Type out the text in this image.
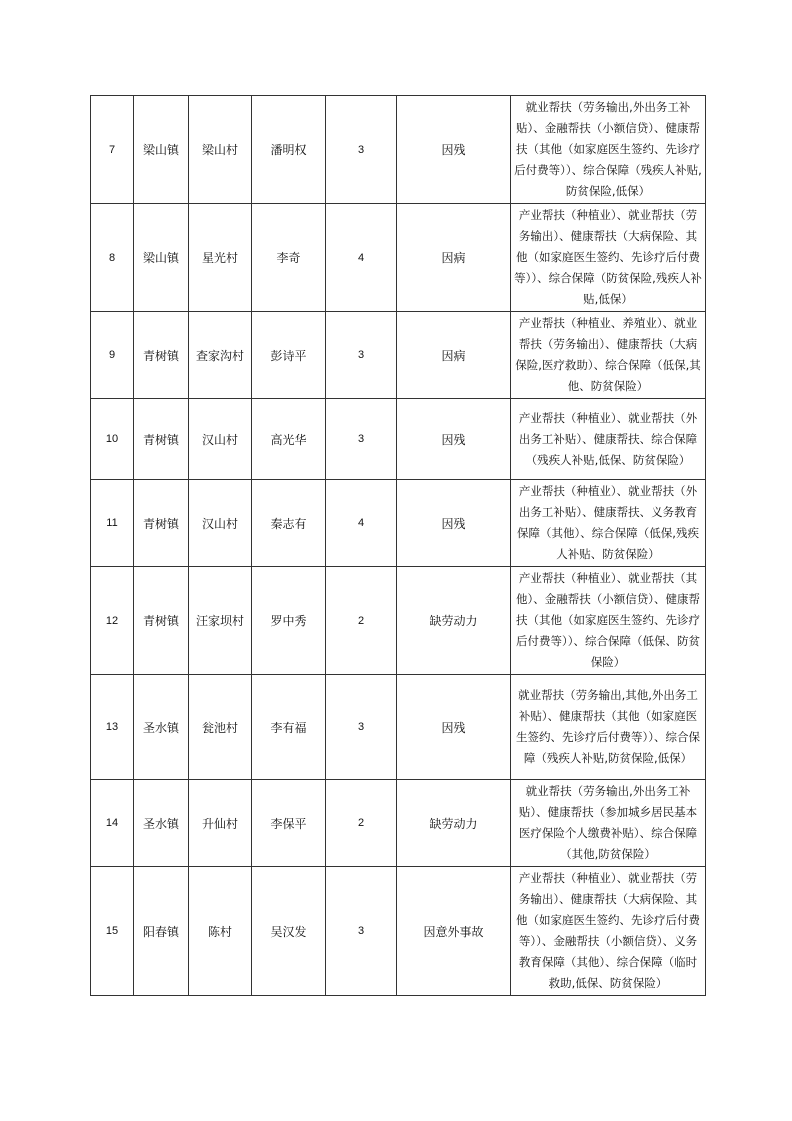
7	梁山镇	梁山村	潘明权	3	因残	就业帮扶（劳务输出,外出务工补贴）、金融帮扶（小额信贷）、健康帮扶（其他（如家庭医生签约、先诊疗后付费等））、综合保障（残疾人补贴,防贫保险,低保）
8	梁山镇	星光村	李奇	4	因病	产业帮扶（种植业）、就业帮扶（劳务输出）、健康帮扶（大病保险、其他（如家庭医生签约、先诊疗后付费等））、综合保障（防贫保险,残疾人补贴,低保）
9	青树镇	查家沟村	彭诗平	3	因病	产业帮扶（种植业、养殖业）、就业帮扶（劳务输出）、健康帮扶（大病保险,医疗救助）、综合保障（低保,其他、防贫保险）
10	青树镇	汉山村	高光华	3	因残	产业帮扶（种植业）、就业帮扶（外出务工补贴）、健康帮扶、综合保障（残疾人补贴,低保、防贫保险）
11	青树镇	汉山村	秦志有	4	因残	产业帮扶（种植业）、就业帮扶（外出务工补贴）、健康帮扶、义务教育保障（其他）、综合保障（低保,残疾人补贴、防贫保险）
12	青树镇	汪家坝村	罗中秀	2	缺劳动力	产业帮扶（种植业）、就业帮扶（其他）、金融帮扶（小额信贷）、健康帮扶（其他（如家庭医生签约、先诊疗后付费等））、综合保障（低保、防贫保险）
13	圣水镇	瓮池村	李有福	3	因残	就业帮扶（劳务输出,其他,外出务工补贴）、健康帮扶（其他（如家庭医生签约、先诊疗后付费等））、综合保障（残疾人补贴,防贫保险,低保）
14	圣水镇	升仙村	李保平	2	缺劳动力	就业帮扶（劳务输出,外出务工补贴）、健康帮扶（参加城乡居民基本医疗保险个人缴费补贴）、综合保障（其他,防贫保险）
15	阳春镇	陈村	吴汉发	3	因意外事故	产业帮扶（种植业）、就业帮扶（劳务输出）、健康帮扶（大病保险、其他（如家庭医生签约、先诊疗后付费等））、金融帮扶（小额信贷）、义务教育保障（其他）、综合保障（临时救助,低保、防贫保险）
